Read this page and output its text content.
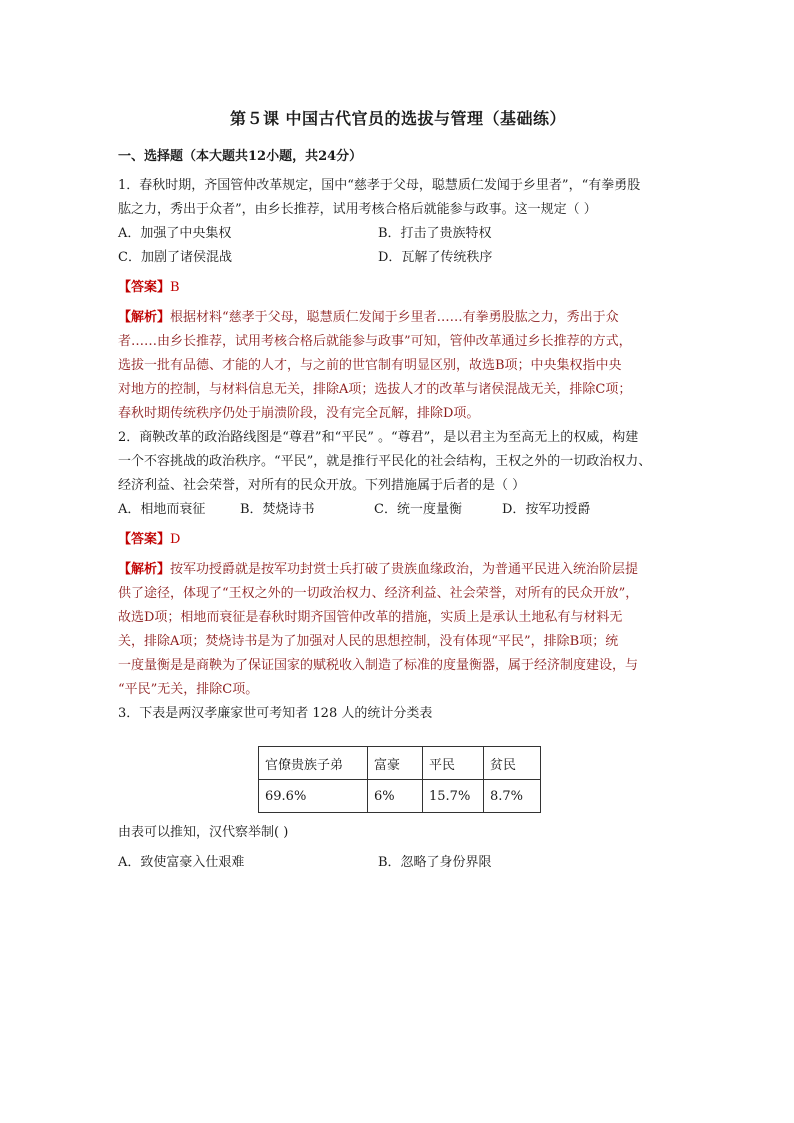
第５课 中国古代官员的选拔与管理（基础练）
一、选择题（本大题共12小题，共24分）
1．春秋时期，齐国管仲改革规定，国中“慈孝于父母，聪慧质仁发闻于乡里者”，“有拳勇股
肱之力，秀出于众者”，由乡长推荐，试用考核合格后就能参与政事。这一规定（ ）
A．加强了中央集权	B．打击了贵族特权
C．加剧了诸侯混战	D．瓦解了传统秩序
【答案】B
【解析】根据材料“慈孝于父母，聪慧质仁发闻于乡里者……有拳勇股肱之力，秀出于众
者……由乡长推荐，试用考核合格后就能参与政事”可知，管仲改革通过乡长推荐的方式，
选拔一批有品德、才能的人才，与之前的世官制有明显区别，故选B项；中央集权指中央
对地方的控制，与材料信息无关，排除A项；选拔人才的改革与诸侯混战无关，排除C项；
春秋时期传统秩序仍处于崩溃阶段，没有完全瓦解，排除D项。
2．商鞅改革的政治路线图是“尊君”和“平民” 。“尊君”，是以君主为至高无上的权威，构建
一个不容挑战的政治秩序。“平民”，就是推行平民化的社会结构，王权之外的一切政治权力、
经济利益、社会荣誉，对所有的民众开放。下列措施属于后者的是（ ）
A．相地而衰征	B．焚烧诗书	C．统一度量衡	D．按军功授爵
【答案】D
【解析】按军功授爵就是按军功封赏士兵打破了贵族血缘政治，为普通平民进入统治阶层提
供了途径，体现了“王权之外的一切政治权力、经济利益、社会荣誉，对所有的民众开放”，
故选D项；相地而衰征是春秋时期齐国管仲改革的措施，实质上是承认土地私有与材料无
关，排除A项；焚烧诗书是为了加强对人民的思想控制，没有体现“平民”，排除B项；统
一度量衡是是商鞅为了保证国家的赋税收入制造了标准的度量衡器，属于经济制度建设，与
“平民”无关，排除C项。
3．下表是两汉孝廉家世可考知者 128 人的统计分类表
官僚贵族子弟	富豪	平民	贫民
69.6%	6%	15.7%	8.7%
由表可以推知，汉代察举制( )
A．致使富豪入仕艰难	B．忽略了身份界限
